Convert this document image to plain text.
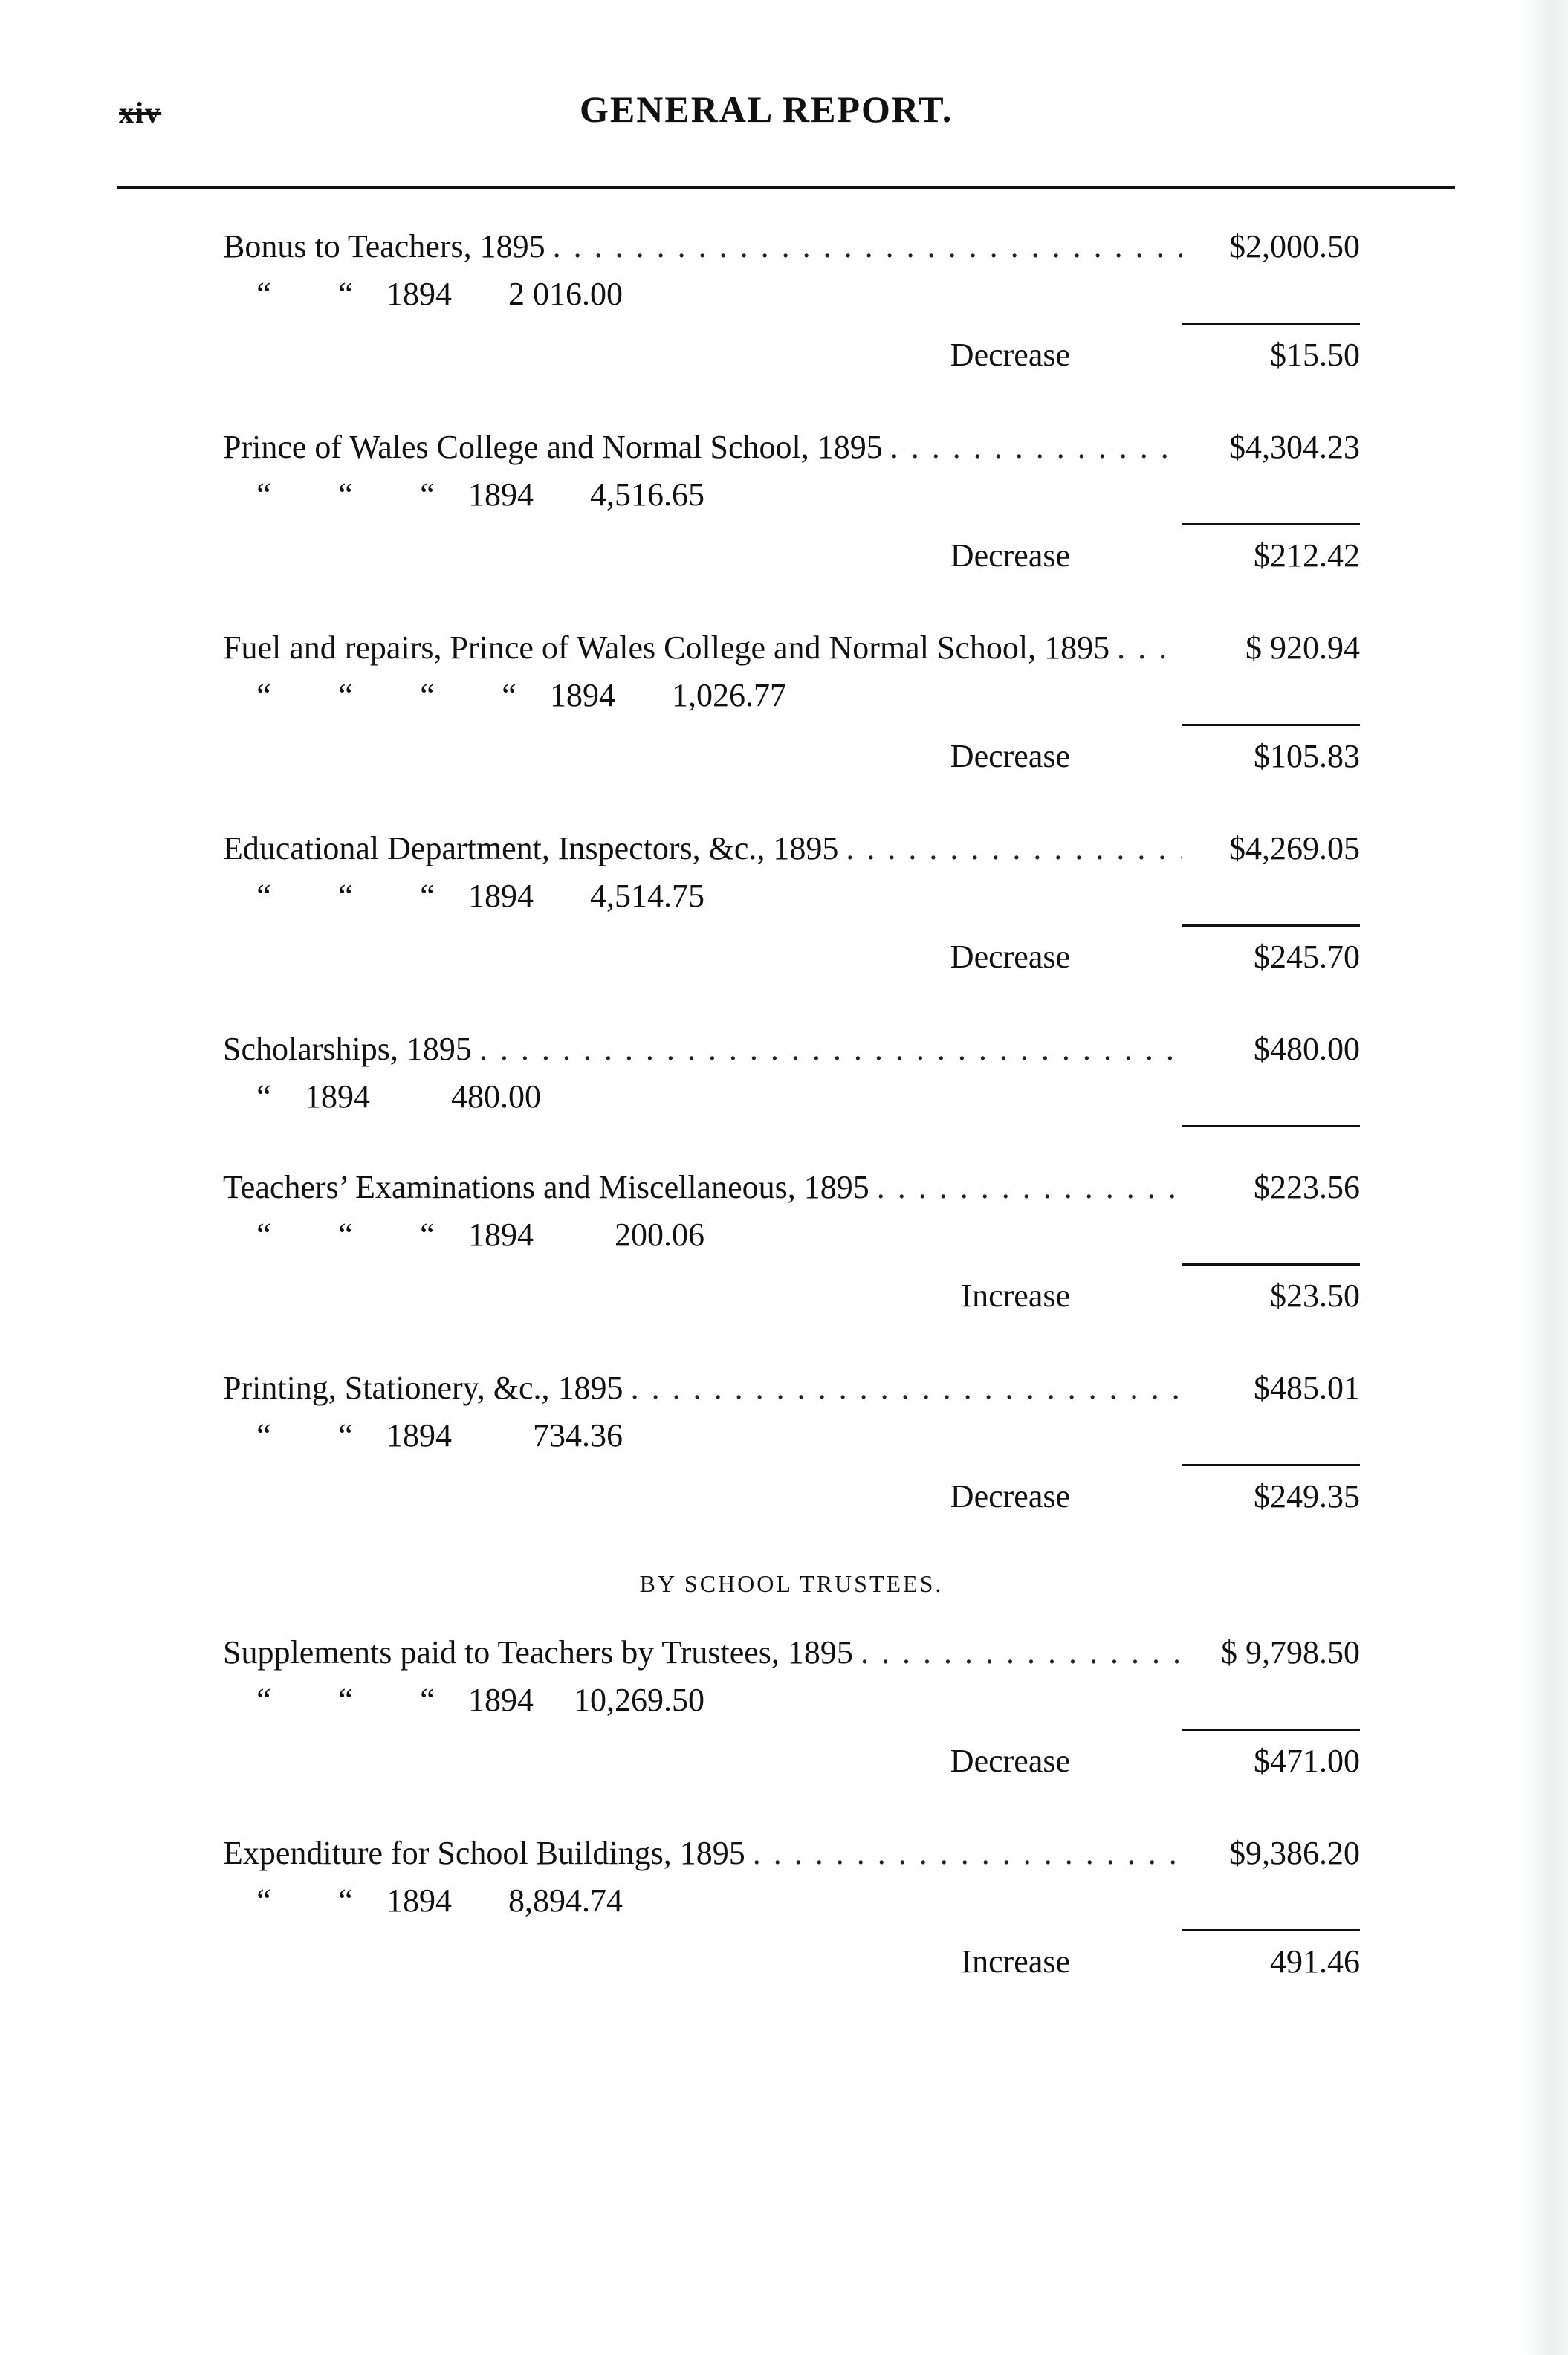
xiv	GENERAL REPORT.
Bonus to Teachers, 1895 . . .	$2,000.50
“	“	1894	2 016.00
Decrease	$15.50
Prince of Wales College and Normal School, 1895 . . .	$4,304.23
“	“	“	1894	4,516.65
Decrease	$212.42
Fuel and repairs, Prince of Wales College and Normal School, 1895 . . .	$ 920.94
“	“	“	“	1894	1,026.77
Decrease	$105.83
Educational Department, Inspectors, &c., 1895 . . .	$4,269.05
“	“	“	1894	4,514.75
Decrease	$245.70
Scholarships, 1895 . . .	$480.00
“	1894	480.00
Teachers’ Examinations and Miscellaneous, 1895 . . .	$223.56
“	“	“	1894	200.06
Increase	$23.50
Printing, Stationery, &c., 1895 . . .	$485.01
“	“	1894	734.36
Decrease	$249.35
BY SCHOOL TRUSTEES.
Supplements paid to Teachers by Trustees, 1895 . . .	$ 9,798.50
“	“	“	1894	10,269.50
Decrease	$471.00
Expenditure for School Buildings, 1895 . . .	$9,386.20
“	“	1894	8,894.74
Increase	491.46
